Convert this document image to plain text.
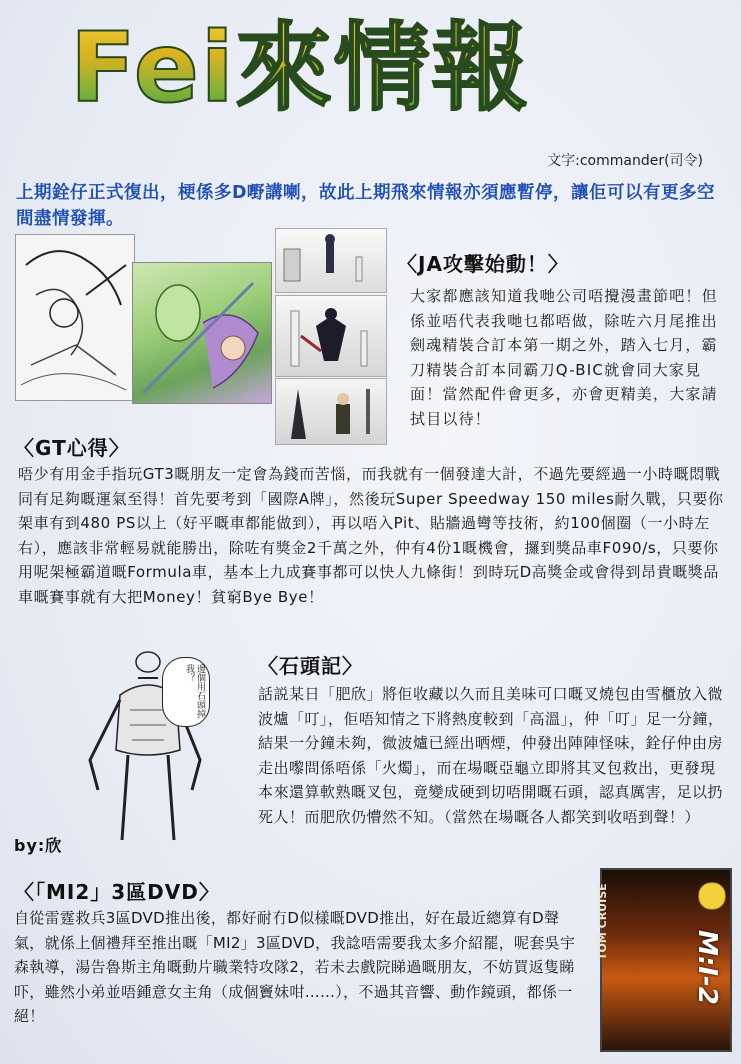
Fei來情報
文字:commander(司令)
上期銓仔正式復出，梗係多D嘢講喇，故此上期飛來情報亦須應暫停，讓佢可以有更多空間盡情發揮。
〈JA攻擊始動！〉
大家都應該知道我哋公司唔攪漫畫節吧！但係並唔代表我哋乜都唔做，除咗六月尾推出劍魂精裝合訂本第一期之外，踏入七月，霸刀精裝合訂本同霸刀Q-BIC就會同大家見面！當然配件會更多，亦會更精美，大家請拭目以待！
〈GT心得〉
唔少有用金手指玩GT3嘅朋友一定會為錢而苦惱，而我就有一個發達大計，不過先要經過一小時嘅悶戰同有足夠嘅運氣至得！首先要考到「國際A牌」，然後玩Super Speedway 150 miles耐久戰，只要你架車有到480 PS以上（好平嘅車都能做到），再以唔入Pit、貼牆過彎等技術，約100個圈（一小時左右），應該非常輕易就能勝出，除咗有獎金2千萬之外，仲有4份1嘅機會，攞到獎品車F090/s，只要你用呢架極霸道嘅Formula車，基本上九成賽事都可以快人九條街！到時玩D高獎金或會得到昂貴嘅獎品車嘅賽事就有大把Money！貧窮Bye Bye！
邊個用石頭掉我？
by:欣
〈石頭記〉
話説某日「肥欣」將佢收藏以久而且美味可口嘅叉燒包由雪櫃放入微波爐「叮」，佢唔知情之下將熱度較到「高溫」，仲「叮」足一分鐘，結果一分鐘未夠，微波爐已經出晒煙，仲發出陣陣怪味，銓仔仲由房走出嚟問係唔係「火燭」，而在場嘅亞龜立即將其叉包救出，更發現本來還算軟熟嘅叉包，竟變成硬到切唔開嘅石頭，認真厲害，足以扔死人！而肥欣仍懵然不知。（當然在場嘅各人都笑到收唔到聲！）
〈「MI2」3區DVD〉
自從雷霆救兵3區DVD推出後，都好耐冇D似樣嘅DVD推出，好在最近總算有D聲氣，就係上個禮拜至推出嘅「MI2」3區DVD，我諗唔需要我太多介紹罷，呢套吳宇森執導，湯告魯斯主角嘅動片職業特攻隊2，若未去戲院睇過嘅朋友，不妨買返隻睇吓，雖然小弟並唔鍾意女主角（成個竇妹咁……），不過其音響、動作鏡頭，都係一絕！
TOM CRUISE
M:I-2
